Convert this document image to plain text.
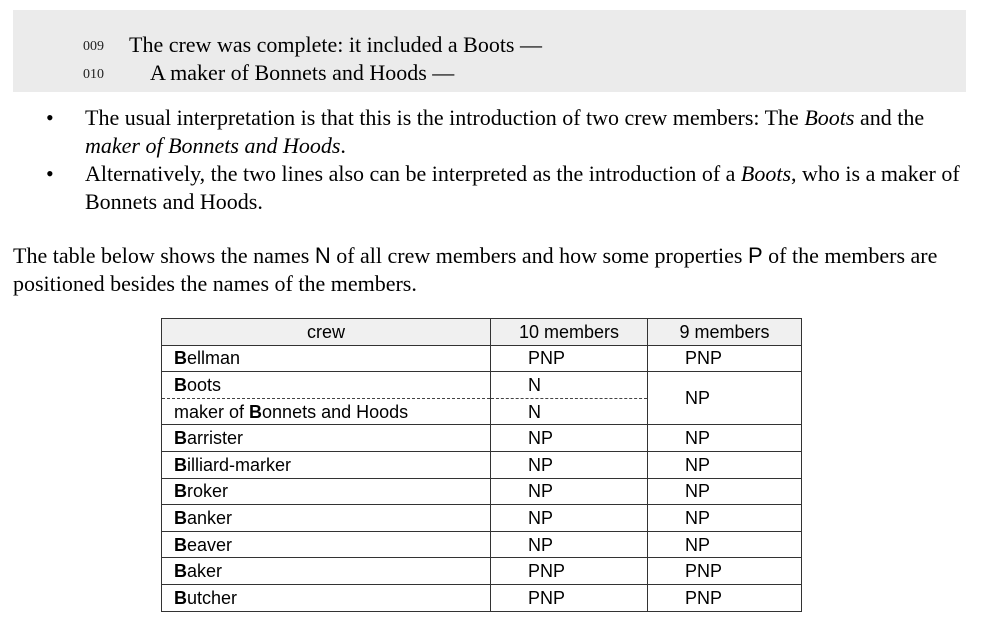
009 The crew was complete: it included a Boots —
010 A maker of Bonnets and Hoods —
• The usual interpretation is that this is the introduction of two crew members: The Boots and the maker of Bonnets and Hoods.
• Alternatively, the two lines also can be interpreted as the introduction of a Boots, who is a maker of Bonnets and Hoods.
The table below shows the names N of all crew members and how some properties P of the members are positioned besides the names of the members.
crew	10 members	9 members
Bellman	PNP	PNP
Boots	N	NP
maker of Bonnets and Hoods	N	
Barrister	NP	NP
Billiard-marker	NP	NP
Broker	NP	NP
Banker	NP	NP
Beaver	NP	NP
Baker	PNP	PNP
Butcher	PNP	PNP
